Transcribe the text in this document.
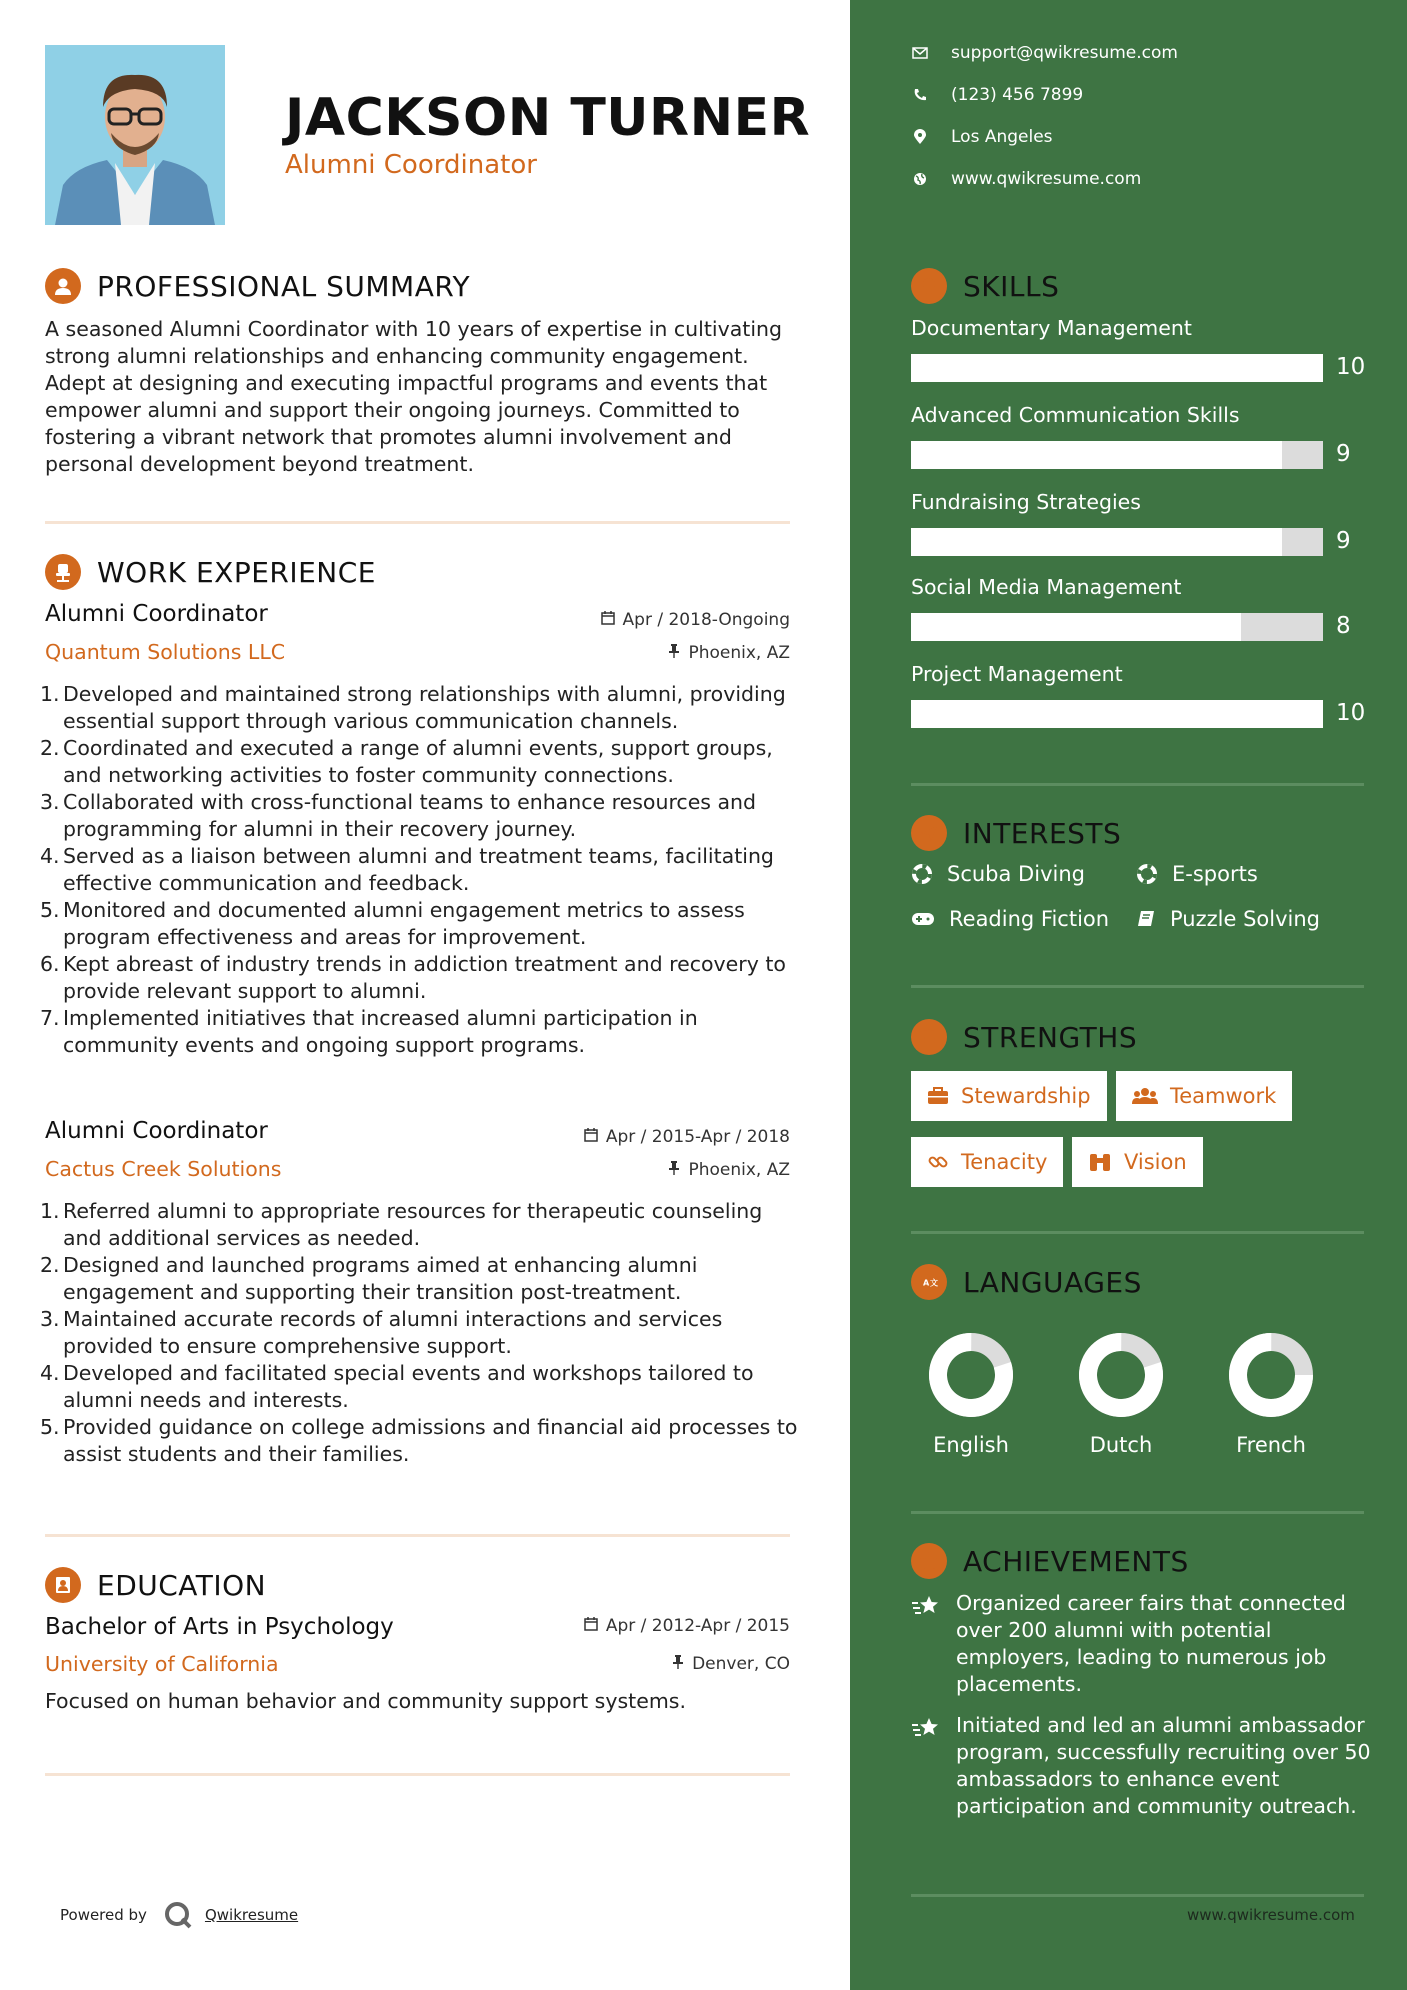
JACKSON TURNER
Alumni Coordinator
PROFESSIONAL SUMMARY
A seasoned Alumni Coordinator with 10 years of expertise in cultivating strong alumni relationships and enhancing community engagement. Adept at designing and executing impactful programs and events that empower alumni and support their ongoing journeys. Committed to fostering a vibrant network that promotes alumni involvement and personal development beyond treatment.
WORK EXPERIENCE
Alumni Coordinator	Apr / 2018-Ongoing
Quantum Solutions LLC	Phoenix, AZ
1. Developed and maintained strong relationships with alumni, providing essential support through various communication channels.
2. Coordinated and executed a range of alumni events, support groups, and networking activities to foster community connections.
3. Collaborated with cross-functional teams to enhance resources and programming for alumni in their recovery journey.
4. Served as a liaison between alumni and treatment teams, facilitating effective communication and feedback.
5. Monitored and documented alumni engagement metrics to assess program effectiveness and areas for improvement.
6. Kept abreast of industry trends in addiction treatment and recovery to provide relevant support to alumni.
7. Implemented initiatives that increased alumni participation in community events and ongoing support programs.
Alumni Coordinator	Apr / 2015-Apr / 2018
Cactus Creek Solutions	Phoenix, AZ
1. Referred alumni to appropriate resources for therapeutic counseling and additional services as needed.
2. Designed and launched programs aimed at enhancing alumni engagement and supporting their transition post-treatment.
3. Maintained accurate records of alumni interactions and services provided to ensure comprehensive support.
4. Developed and facilitated special events and workshops tailored to alumni needs and interests.
5. Provided guidance on college admissions and financial aid processes to assist students and their families.
EDUCATION
Bachelor of Arts in Psychology	Apr / 2012-Apr / 2015
University of California	Denver, CO
Focused on human behavior and community support systems.
Powered by	Qwikresume
support@qwikresume.com
(123) 456 7899
Los Angeles
www.qwikresume.com
SKILLS
Documentary Management
10
Advanced Communication Skills
9
Fundraising Strategies
9
Social Media Management
8
Project Management
10
INTERESTS
Scuba Diving	E-sports
Reading Fiction	Puzzle Solving
STRENGTHS
Stewardship	Teamwork
Tenacity	Vision
A 文 LANGUAGES
English	Dutch	French
ACHIEVEMENTS
Organized career fairs that connected over 200 alumni with potential employers, leading to numerous job placements.
Initiated and led an alumni ambassador program, successfully recruiting over 50 ambassadors to enhance event participation and community outreach.
www.qwikresume.com
